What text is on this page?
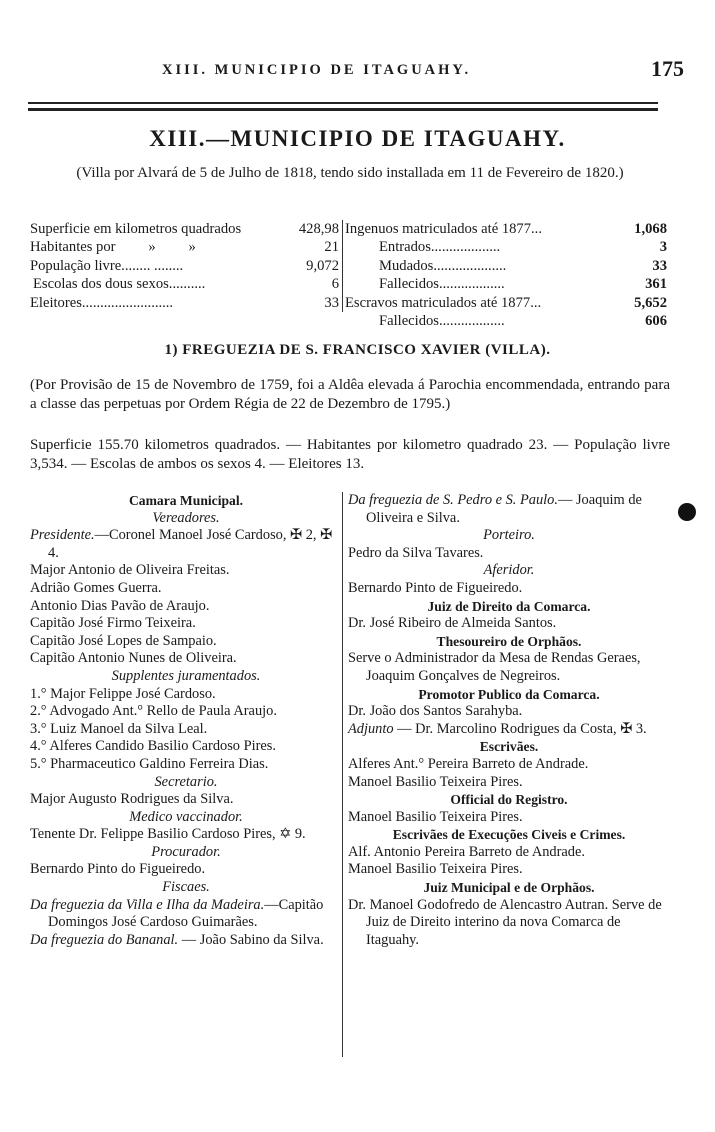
XIII. MUNICIPIO DE ITAGUAHY.	175
XIII.—MUNICIPIO DE ITAGUAHY.
(Villa por Alvará de 5 de Julho de 1818, tendo sido installada em 11 de Fevereiro de 1820.)
Superficie em kilometros quadrados	428,98
Habitantes por         »         »	21
População livre........ ........	9,072
Escolas dos dous sexos..........	6
Eleitores.........................	33
Ingenuos matriculados até 1877...	1,068
Entrados...................	3
Mudados....................	33
Fallecidos..................	361
Escravos matriculados até 1877...	5,652
Fallecidos..................	606
1) FREGUEZIA DE S. FRANCISCO XAVIER (VILLA).
(Por Provisão de 15 de Novembro de 1759, foi a Aldêa elevada á Parochia encommendada, entrando para a classe das perpetuas por Ordem Régia de 22 de Dezembro de 1795.)
Superficie 155.70 kilometros quadrados. — Habitantes por kilometro quadrado 23. — População livre 3,534. — Escolas de ambos os sexos 4. — Eleitores 13.

Camara Municipal.

Vereadores.

Presidente.—Coronel Manoel José Cardoso, ✠ 2, ✠ 4.

Major Antonio de Oliveira Freitas.

Adrião Gomes Guerra.

Antonio Dias Pavão de Araujo.

Capitão José Firmo Teixeira.

Capitão José Lopes de Sampaio.

Capitão Antonio Nunes de Oliveira.

Supplentes juramentados.

1.° Major Felippe José Cardoso.

2.° Advogado Ant.° Rello de Paula Araujo.

3.° Luiz Manoel da Silva Leal.

4.° Alferes Candido Basilio Cardoso Pires.

5.° Pharmaceutico Galdino Ferreira Dias.

Secretario.

Major Augusto Rodrigues da Silva.

Medico vaccinador.

Tenente Dr. Felippe Basilio Cardoso Pires, ✡ 9.

Procurador.

Bernardo Pinto do Figueiredo.

Fiscaes.

Da freguezia da Villa e Ilha da Madeira.—Capitão Domingos José Cardoso Guimarães.

Da freguezia do Bananal. — João Sabino da Silva.

Da freguezia de S. Pedro e S. Paulo.— Joaquim de Oliveira e Silva.

Porteiro.

Pedro da Silva Tavares.

Aferidor.

Bernardo Pinto de Figueiredo.

Juiz de Direito da Comarca.

Dr. José Ribeiro de Almeida Santos.

Thesoureiro de Orphãos.

Serve o Administrador da Mesa de Rendas Geraes, Joaquim Gonçalves de Negreiros.

Promotor Publico da Comarca.

Dr. João dos Santos Sarahyba.

Adjunto — Dr. Marcolino Rodrigues da Costa, ✠ 3.

Escrivães.

Alferes Ant.° Pereira Barreto de Andrade.

Manoel Basilio Teixeira Pires.

Official do Registro.

Manoel Basilio Teixeira Pires.

Escrivães de Execuções Civeis e Crimes.

Alf. Antonio Pereira Barreto de Andrade.

Manoel Basilio Teixeira Pires.

Juiz Municipal e de Orphãos.

Dr. Manoel Godofredo de Alencastro Autran. Serve de Juiz de Direito interino da nova Comarca de Itaguahy.
